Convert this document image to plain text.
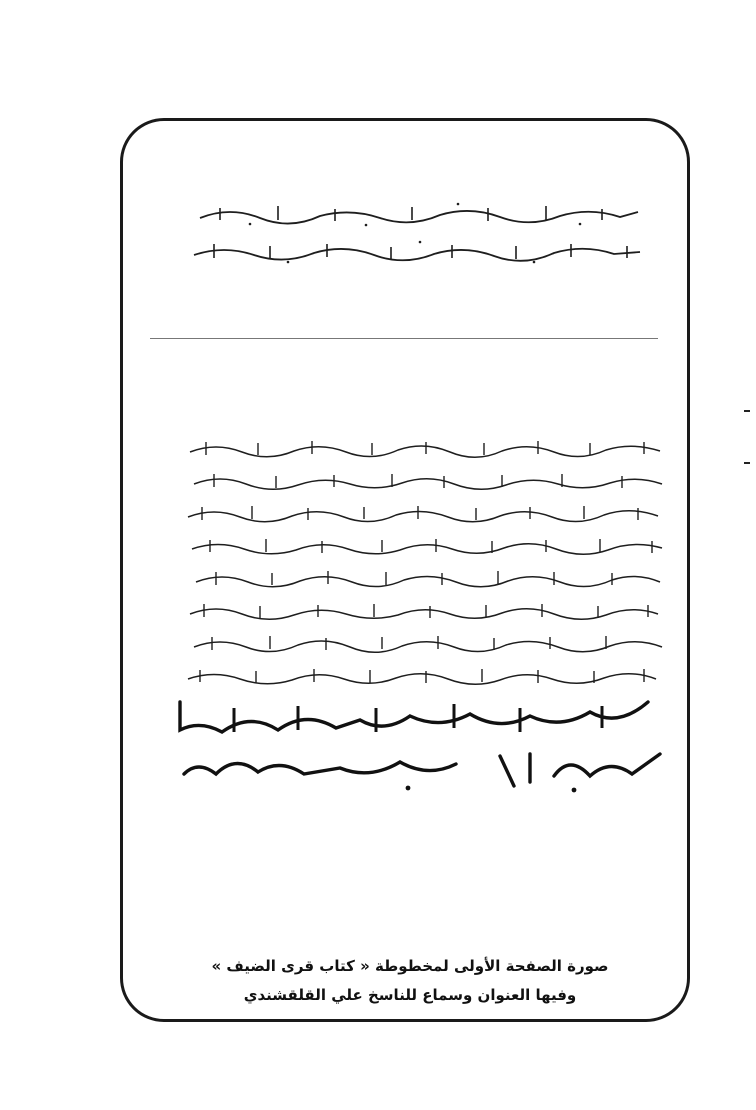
صورة الصفحة الأولى لمخطوطة « كتاب قرى الضيف »
وفيها العنوان وسماع للناسخ علي القلقشندي
